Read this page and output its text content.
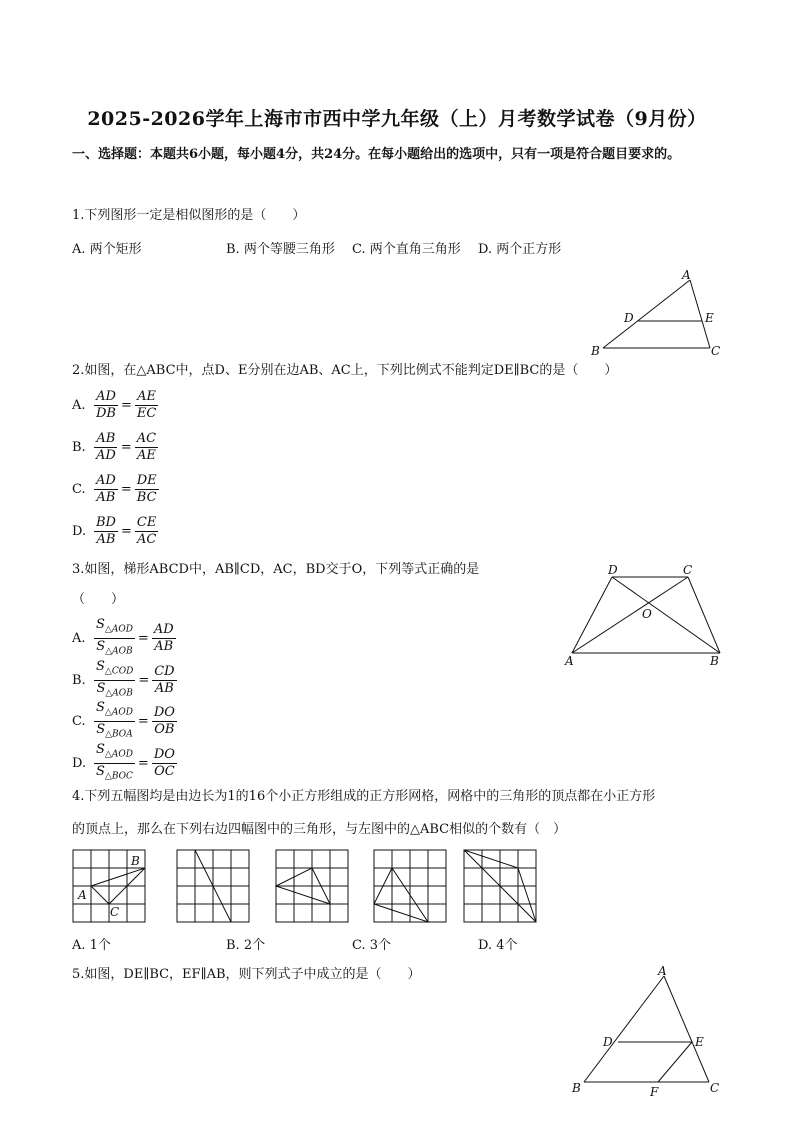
2025-2026学年上海市市西中学九年级（上）月考数学试卷（9月份）
一、选择题：本题共6小题，每小题4分，共24分。在每小题给出的选项中，只有一项是符合题目要求的。
1.下列图形一定是相似图形的是（　　）
A. 两个矩形	B. 两个等腰三角形 C. 两个直角三角形 D. 两个正方形
A
D	E
B	C
2.如图，在△ABC中，点D、E分别在边AB、AC上，下列比例式不能判定DE∥BC的是（　　）
A. $\frac{AD}{DB} = \frac{AE}{EC}$
B. $\frac{AB}{AD} = \frac{AC}{AE}$
C. $\frac{AD}{AB} = \frac{DE}{BC}$
D. $\frac{BD}{AB} = \frac{CE}{AC}$
3.如图，梯形ABCD中，AB∥CD，AC，BD交于O，下列等式正确的是
（　　）
D	C
O
A	B
A. $\frac{S_{\triangle AOD}}{S_{\triangle AOB}} = \frac{AD}{AB}$
B. $\frac{S_{\triangle COD}}{S_{\triangle AOB}} = \frac{CD}{AB}$
C. $\frac{S_{\triangle AOD}}{S_{\triangle BOA}} = \frac{DO}{OB}$
D. $\frac{S_{\triangle AOD}}{S_{\triangle BOC}} = \frac{DO}{OC}$
4.下列五幅图均是由边长为1的16个小正方形组成的正方形网格，网格中的三角形的顶点都在小正方形
的顶点上，那么在下列右边四幅图中的三角形，与左图中的△ABC相似的个数有（　）
B
A
C
A. 1个	B. 2个	C. 3个	D. 4个
5.如图，DE∥BC，EF∥AB，则下列式子中成立的是（　　）	A
D	E
B	F	C
